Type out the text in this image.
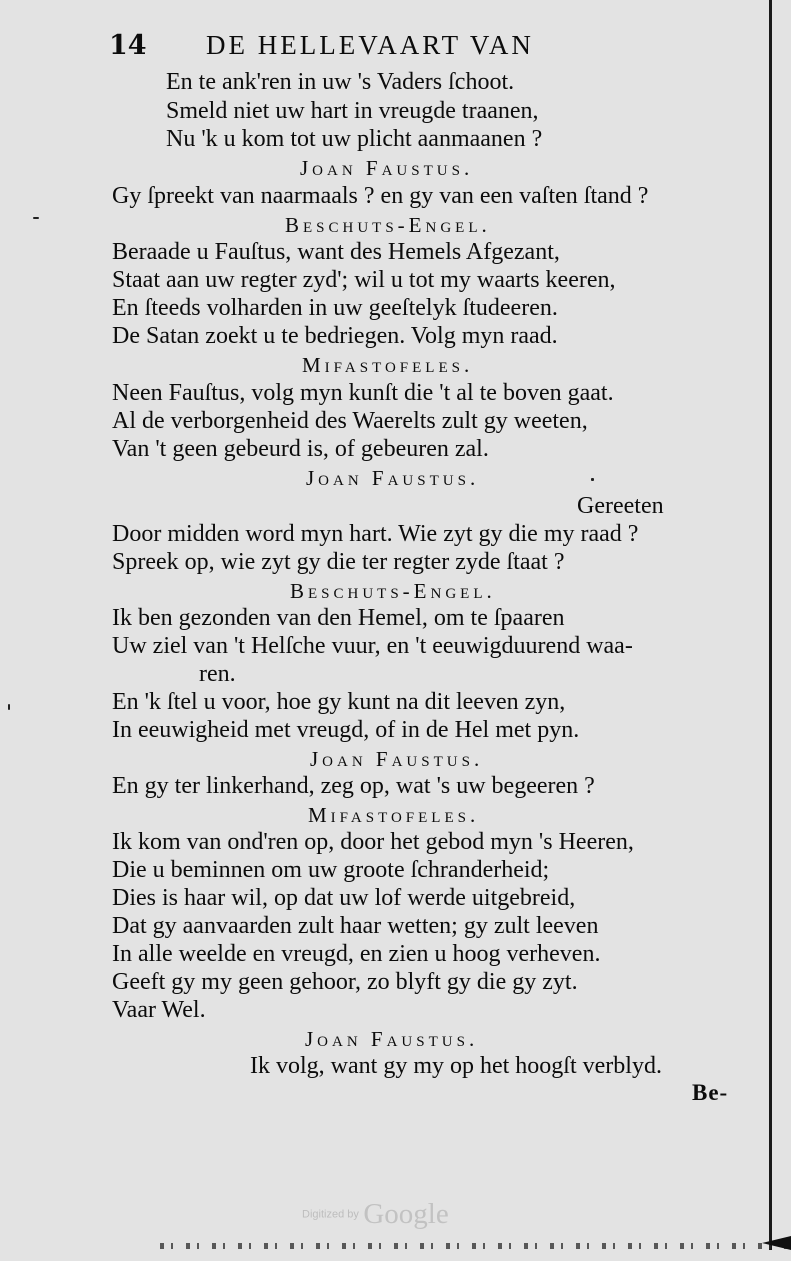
14 DE HELLEVAART VAN
En te ank'ren in uw 's Vaders ſchoot.
Smeld niet uw hart in vreugde traanen,
Nu 'k u kom tot uw plicht aanmaanen ?
Joan Faustus.
Gy ſpreekt van naarmaals ? en gy van een vaſten ſtand ?
Beschuts-Engel.
Beraade u Fauſtus, want des Hemels Afgezant,
Staat aan uw regter zyd'; wil u tot my waarts keeren,
En ſteeds volharden in uw geeſtelyk ſtudeeren.
De Satan zoekt u te bedriegen. Volg myn raad.
Mifastofeles.
Neen Fauſtus, volg myn kunſt die 't al te boven gaat.
Al de verborgenheid des Waerelts zult gy weeten,
Van 't geen gebeurd is, of gebeuren zal.
Joan Faustus.
Gereeten
Door midden word myn hart. Wie zyt gy die my raad ?
Spreek op, wie zyt gy die ter regter zyde ſtaat ?
Beschuts-Engel.
Ik ben gezonden van den Hemel, om te ſpaaren
Uw ziel van 't Helſche vuur, en 't eeuwigduurend waa-
ren.
En 'k ſtel u voor, hoe gy kunt na dit leeven zyn,
In eeuwigheid met vreugd, of in de Hel met pyn.
Joan Faustus.
En gy ter linkerhand, zeg op, wat 's uw begeeren ?
Mifastofeles.
Ik kom van ond'ren op, door het gebod myn 's Heeren,
Die u beminnen om uw groote ſchranderheid;
Dies is haar wil, op dat uw lof werde uitgebreid,
Dat gy aanvaarden zult haar wetten; gy zult leeven
In alle weelde en vreugd, en zien u hoog verheven.
Geeft gy my geen gehoor, zo blyft gy die gy zyt.
Vaar Wel.
Joan Faustus.
Ik volg, want gy my op het hoogſt verblyd.
Be-
Digitized by Google
